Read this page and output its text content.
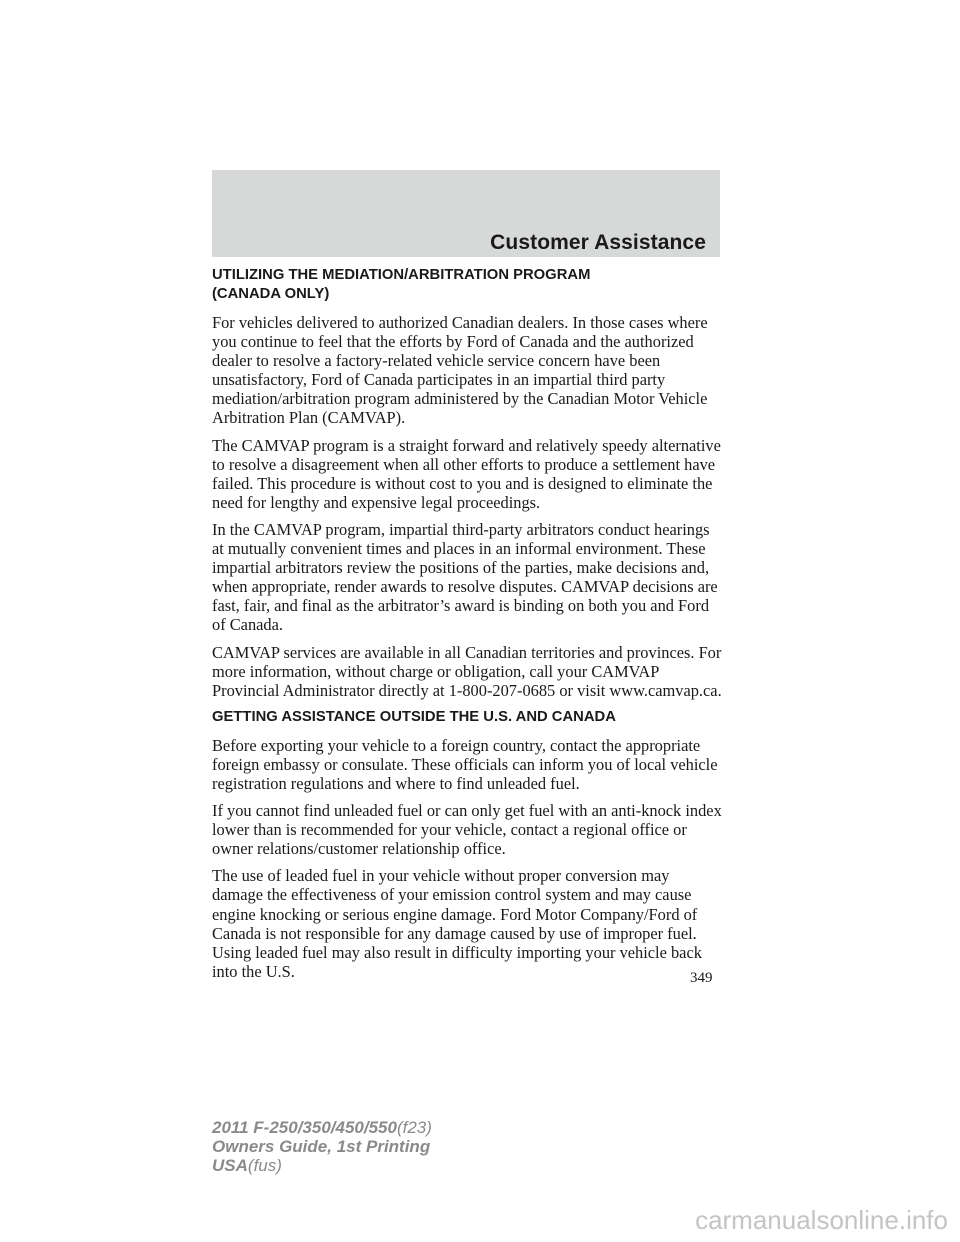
Customer Assistance
UTILIZING THE MEDIATION/ARBITRATION PROGRAM
(CANADA ONLY)

For vehicles delivered to authorized Canadian dealers. In those cases where you continue to feel that the efforts by Ford of Canada and the authorized dealer to resolve a factory-related vehicle service concern have been unsatisfactory, Ford of Canada participates in an impartial third party mediation/arbitration program administered by the Canadian Motor Vehicle Arbitration Plan (CAMVAP).

The CAMVAP program is a straight forward and relatively speedy alternative to resolve a disagreement when all other efforts to produce a settlement have failed. This procedure is without cost to you and is designed to eliminate the need for lengthy and expensive legal proceedings.

In the CAMVAP program, impartial third-party arbitrators conduct hearings at mutually convenient times and places in an informal environment. These impartial arbitrators review the positions of the parties, make decisions and, when appropriate, render awards to resolve disputes. CAMVAP decisions are fast, fair, and final as the arbitrator’s award is binding on both you and Ford of Canada.

CAMVAP services are available in all Canadian territories and provinces. For more information, without charge or obligation, call your CAMVAP Provincial Administrator directly at 1-800-207-0685 or visit www.camvap.ca.

GETTING ASSISTANCE OUTSIDE THE U.S. AND CANADA

Before exporting your vehicle to a foreign country, contact the appropriate foreign embassy or consulate. These officials can inform you of local vehicle registration regulations and where to find unleaded fuel.

If you cannot find unleaded fuel or can only get fuel with an anti-knock index lower than is recommended for your vehicle, contact a regional office or owner relations/customer relationship office.

The use of leaded fuel in your vehicle without proper conversion may damage the effectiveness of your emission control system and may cause engine knocking or serious engine damage. Ford Motor Company/Ford of Canada is not responsible for any damage caused by use of improper fuel. Using leaded fuel may also result in difficulty importing your vehicle back into the U.S.	349
2011 F-250/350/450/550(f23)
Owners Guide, 1st Printing
USA(fus)
carmanualsonline.info
